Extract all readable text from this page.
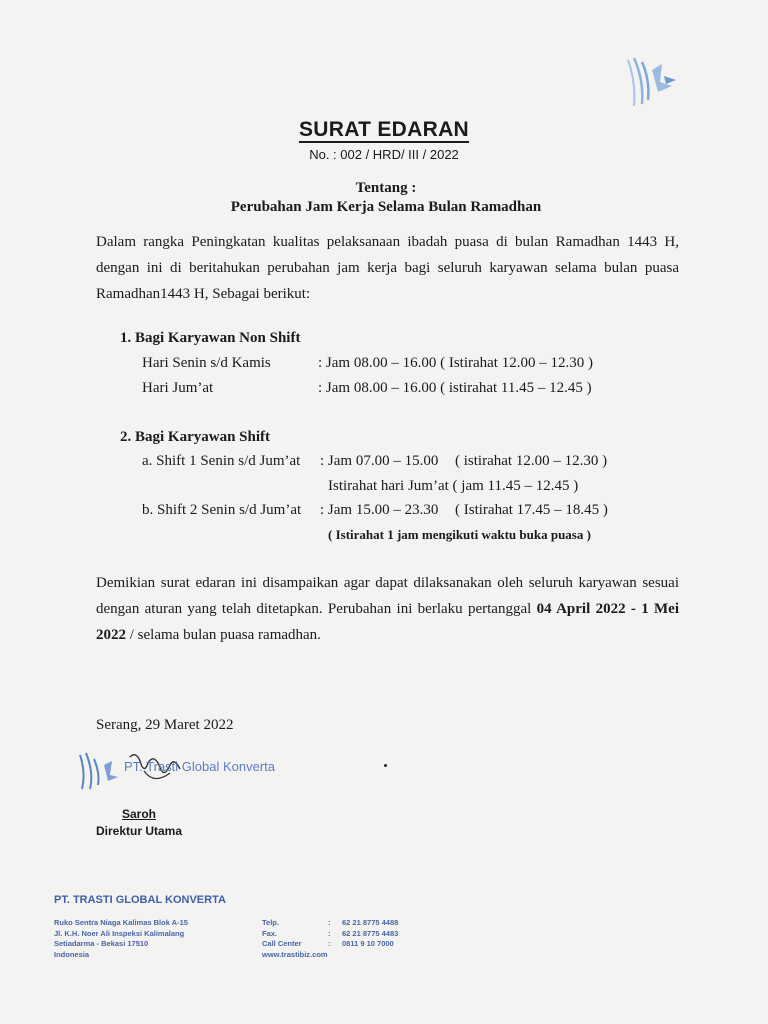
SURAT EDARAN
No. : 002 / HRD/ III / 2022
Tentang :
Perubahan Jam Kerja Selama Bulan Ramadhan
Dalam rangka Peningkatan kualitas pelaksanaan ibadah puasa di bulan Ramadhan 1443 H,
dengan ini di beritahukan perubahan jam kerja bagi seluruh karyawan selama bulan puasa
Ramadhan1443 H, Sebagai berikut:
1. Bagi Karyawan Non Shift
Hari Senin s/d Kamis	: Jam 08.00 – 16.00 ( Istirahat 12.00 – 12.30 )
Hari Jum’at	: Jam 08.00 – 16.00 ( istirahat 11.45 – 12.45 )
2. Bagi Karyawan Shift
a. Shift 1 Senin s/d Jum’at : Jam 07.00 – 15.00 ( istirahat 12.00 – 12.30 )
Istirahat hari Jum’at ( jam 11.45 – 12.45 )
b. Shift 2 Senin s/d Jum’at : Jam 15.00 – 23.30 ( Istirahat 17.45 – 18.45 )
( Istirahat 1 jam mengikuti waktu buka puasa )
Demikian surat edaran ini disampaikan agar dapat dilaksanakan oleh seluruh karyawan sesuai
dengan aturan yang telah ditetapkan. Perubahan ini berlaku pertanggal 04 April 2022 - 1 Mei
2022 / selama bulan puasa ramadhan.
Serang, 29 Maret 2022
PT. Trasti Global Konverta
Saroh
Direktur Utama
PT. TRASTI GLOBAL KONVERTA
Ruko Sentra Niaga Kalimas Blok A-15
Jl. K.H. Noer Ali Inspeksi Kalimalang
Setiadarma - Bekasi 17510
Indonesia
Telp.	: 62 21 8775 4488
Fax.	: 62 21 8775 4483
Call Center	: 0811 9 10 7000
www.trastibiz.com
